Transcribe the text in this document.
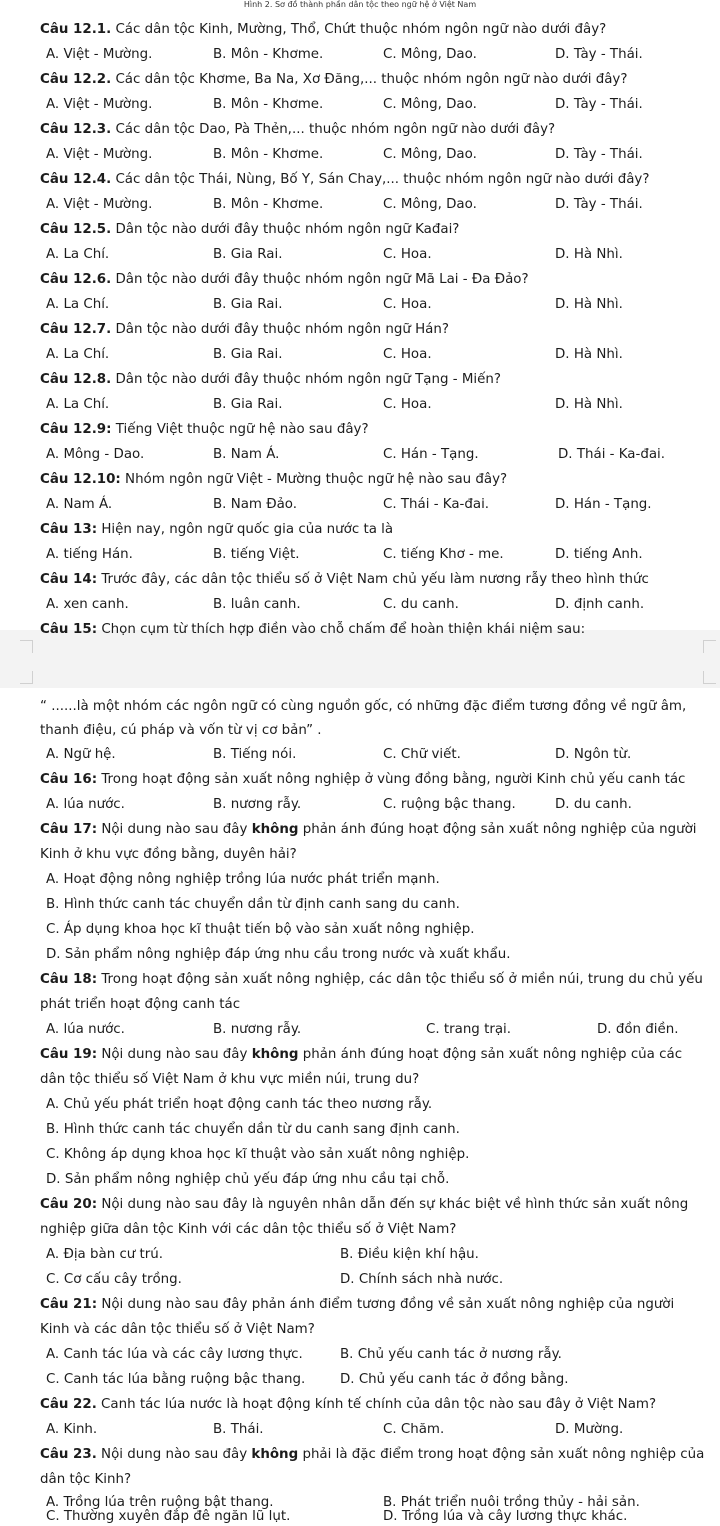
Hình 2. Sơ đồ thành phần dân tộc theo ngữ hệ ở Việt Nam
Câu 12.1. Các dân tộc Kinh, Mường, Thổ, Chứt thuộc nhóm ngôn ngữ nào dưới đây?
A. Việt - Mường.	B. Môn - Khơme.	C. Mông, Dao.	D. Tày - Thái.
Câu 12.2. Các dân tộc Khơme, Ba Na, Xơ Đăng,... thuộc nhóm ngôn ngữ nào dưới đây?
A. Việt - Mường.	B. Môn - Khơme.	C. Mông, Dao.	D. Tày - Thái.
Câu 12.3. Các dân tộc Dao, Pà Thẻn,... thuộc nhóm ngôn ngữ nào dưới đây?
A. Việt - Mường.	B. Môn - Khơme.	C. Mông, Dao.	D. Tày - Thái.
Câu 12.4. Các dân tộc Thái, Nùng, Bố Y, Sán Chay,... thuộc nhóm ngôn ngữ nào dưới đây?
A. Việt - Mường.	B. Môn - Khơme.	C. Mông, Dao.	D. Tày - Thái.
Câu 12.5. Dân tộc nào dưới đây thuộc nhóm ngôn ngữ Kađai?
A. La Chí.	B. Gia Rai.	C. Hoa.	D. Hà Nhì.
Câu 12.6. Dân tộc nào dưới đây thuộc nhóm ngôn ngữ Mã Lai - Đa Đảo?
A. La Chí.	B. Gia Rai.	C. Hoa.	D. Hà Nhì.
Câu 12.7. Dân tộc nào dưới đây thuộc nhóm ngôn ngữ Hán?
A. La Chí.	B. Gia Rai.	C. Hoa.	D. Hà Nhì.
Câu 12.8. Dân tộc nào dưới đây thuộc nhóm ngôn ngữ Tạng - Miến?
A. La Chí.	B. Gia Rai.	C. Hoa.	D. Hà Nhì.
Câu 12.9: Tiếng Việt thuộc ngữ hệ nào sau đây?
A. Mông - Dao.	B. Nam Á.	C. Hán - Tạng.	D. Thái - Ka-đai.
Câu 12.10: Nhóm ngôn ngữ Việt - Mường thuộc ngữ hệ nào sau đây?
A. Nam Á.	B. Nam Đảo.	C. Thái - Ka-đai.	D. Hán - Tạng.
Câu 13: Hiện nay, ngôn ngữ quốc gia của nước ta là
A. tiếng Hán.	B. tiếng Việt.	C. tiếng Khơ - me.	D. tiếng Anh.
Câu 14: Trước đây, các dân tộc thiểu số ở Việt Nam chủ yếu làm nương rẫy theo hình thức
A. xen canh.	B. luân canh.	C. du canh.	D. định canh.
Câu 15: Chọn cụm từ thích hợp điền vào chỗ chấm để hoàn thiện khái niệm sau:
“ ......là một nhóm các ngôn ngữ có cùng nguồn gốc, có những đặc điểm tương đồng về ngữ âm,
thanh điệu, cú pháp và vốn từ vị cơ bản” .
A. Ngữ hệ.	B. Tiếng nói.	C. Chữ viết.	D. Ngôn từ.
Câu 16: Trong hoạt động sản xuất nông nghiệp ở vùng đồng bằng, người Kinh chủ yếu canh tác
A. lúa nước.	B. nương rẫy.	C. ruộng bậc thang.	D. du canh.
Câu 17: Nội dung nào sau đây không phản ánh đúng hoạt động sản xuất nông nghiệp của người
Kinh ở khu vực đồng bằng, duyên hải?
A. Hoạt động nông nghiệp trồng lúa nước phát triển mạnh.
B. Hình thức canh tác chuyển dần từ định canh sang du canh.
C. Áp dụng khoa học kĩ thuật tiến bộ vào sản xuất nông nghiệp.
D. Sản phẩm nông nghiệp đáp ứng nhu cầu trong nước và xuất khẩu.
Câu 18: Trong hoạt động sản xuất nông nghiệp, các dân tộc thiểu số ở miền núi, trung du chủ yếu
phát triển hoạt động canh tác
A. lúa nước.	B. nương rẫy.	C. trang trại.	D. đồn điền.
Câu 19: Nội dung nào sau đây không phản ánh đúng hoạt động sản xuất nông nghiệp của các
dân tộc thiểu số Việt Nam ở khu vực miền núi, trung du?
A. Chủ yếu phát triển hoạt động canh tác theo nương rẫy.
B. Hình thức canh tác chuyển dần từ du canh sang định canh.
C. Không áp dụng khoa học kĩ thuật vào sản xuất nông nghiệp.
D. Sản phẩm nông nghiệp chủ yếu đáp ứng nhu cầu tại chỗ.
Câu 20: Nội dung nào sau đây là nguyên nhân dẫn đến sự khác biệt về hình thức sản xuất nông
nghiệp giữa dân tộc Kinh với các dân tộc thiểu số ở Việt Nam?
A. Địa bàn cư trú.	B. Điều kiện khí hậu.
C. Cơ cấu cây trồng.	D. Chính sách nhà nước.
Câu 21: Nội dung nào sau đây phản ánh điểm tương đồng về sản xuất nông nghiệp của người
Kinh và các dân tộc thiểu số ở Việt Nam?
A. Canh tác lúa và các cây lương thực.	B. Chủ yếu canh tác ở nương rẫy.
C. Canh tác lúa bằng ruộng bậc thang.	D. Chủ yếu canh tác ở đồng bằng.
Câu 22. Canh tác lúa nước là hoạt động kính tế chính của dân tộc nào sau đây ở Việt Nam?
A. Kinh.	B. Thái.	C. Chăm.	D. Mường.
Câu 23. Nội dung nào sau đây không phải là đặc điểm trong hoạt động sản xuất nông nghiệp của
dân tộc Kinh?
A. Trồng lúa trên ruộng bật thang.	B. Phát triển nuôi trồng thủy - hải sản.
C. Thường xuyên đắp đê ngăn lũ lụt.	D. Trồng lúa và cây lương thực khác.
